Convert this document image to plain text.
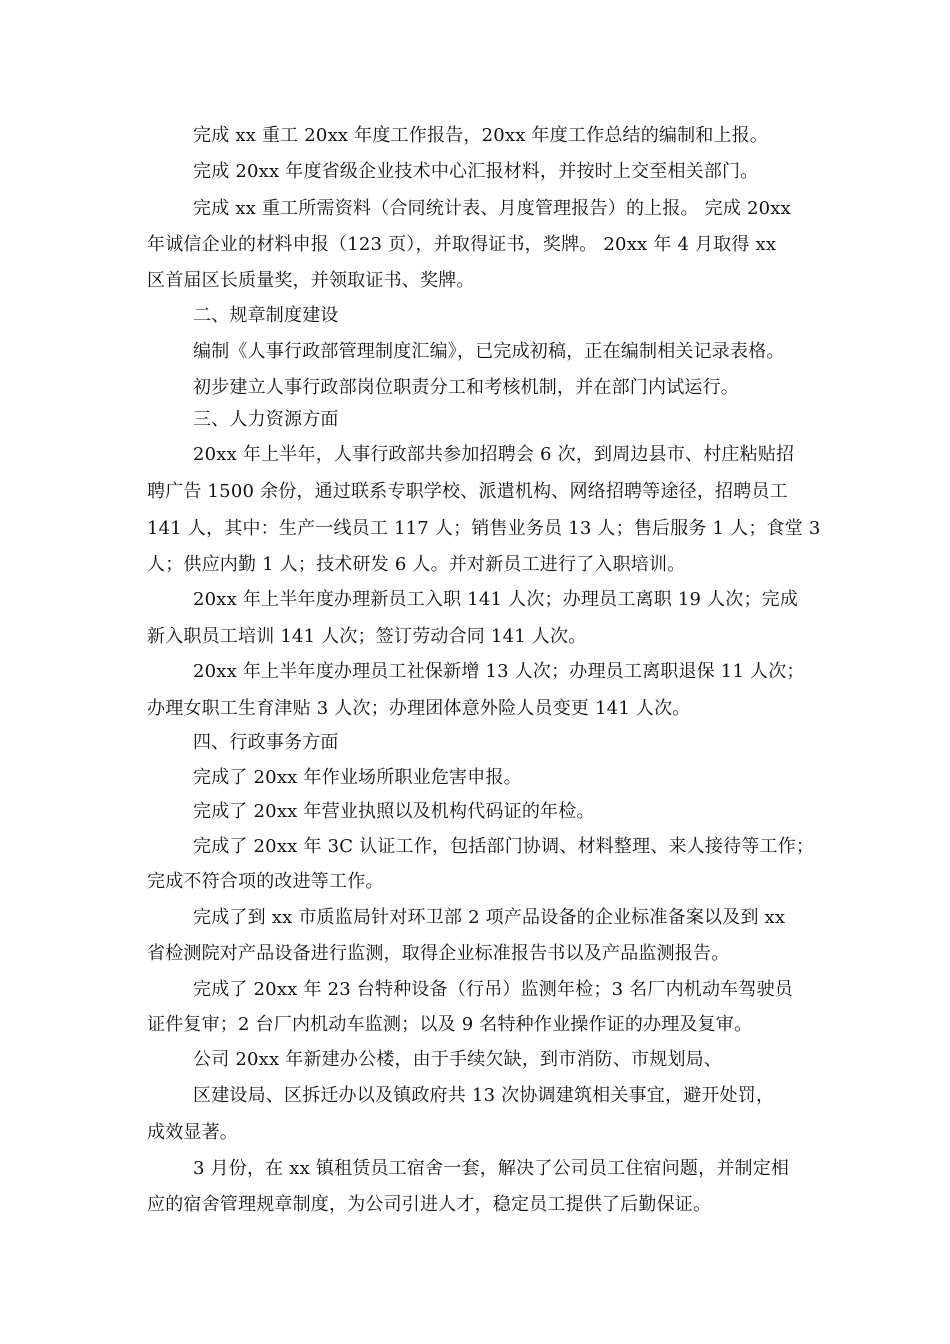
完成 xx 重工 20xx 年度工作报告，20xx 年度工作总结的编制和上报。
完成 20xx 年度省级企业技术中心汇报材料，并按时上交至相关部门。
完成 xx 重工所需资料（合同统计表、月度管理报告）的上报。 完成 20xx
年诚信企业的材料申报（123 页），并取得证书，奖牌。 20xx 年 4 月取得 xx
区首届区长质量奖，并领取证书、奖牌。
二、规章制度建设
编制《人事行政部管理制度汇编》，已完成初稿，正在编制相关记录表格。
初步建立人事行政部岗位职责分工和考核机制，并在部门内试运行。
三、人力资源方面
20xx 年上半年，人事行政部共参加招聘会 6 次，到周边县市、村庄粘贴招
聘广告 1500 余份，通过联系专职学校、派遣机构、网络招聘等途径，招聘员工
141 人，其中：生产一线员工 117 人；销售业务员 13 人；售后服务 1 人；食堂 3
人；供应内勤 1 人；技术研发 6 人。并对新员工进行了入职培训。
20xx 年上半年度办理新员工入职 141 人次；办理员工离职 19 人次；完成
新入职员工培训 141 人次；签订劳动合同 141 人次。
20xx 年上半年度办理员工社保新增 13 人次；办理员工离职退保 11 人次；
办理女职工生育津贴 3 人次；办理团体意外险人员变更 141 人次。
四、行政事务方面
完成了 20xx 年作业场所职业危害申报。
完成了 20xx 年营业执照以及机构代码证的年检。
完成了 20xx 年 3C 认证工作，包括部门协调、材料整理、来人接待等工作；
完成不符合项的改进等工作。
完成了到 xx 市质监局针对环卫部 2 项产品设备的企业标准备案以及到 xx
省检测院对产品设备进行监测，取得企业标准报告书以及产品监测报告。
完成了 20xx 年 23 台特种设备（行吊）监测年检；3 名厂内机动车驾驶员
证件复审；2 台厂内机动车监测；以及 9 名特种作业操作证的办理及复审。
公司 20xx 年新建办公楼，由于手续欠缺，到市消防、市规划局、
区建设局、区拆迁办以及镇政府共 13 次协调建筑相关事宜，避开处罚，
成效显著。
3 月份，在 xx 镇租赁员工宿舍一套，解决了公司员工住宿问题，并制定相
应的宿舍管理规章制度，为公司引进人才，稳定员工提供了后勤保证。
